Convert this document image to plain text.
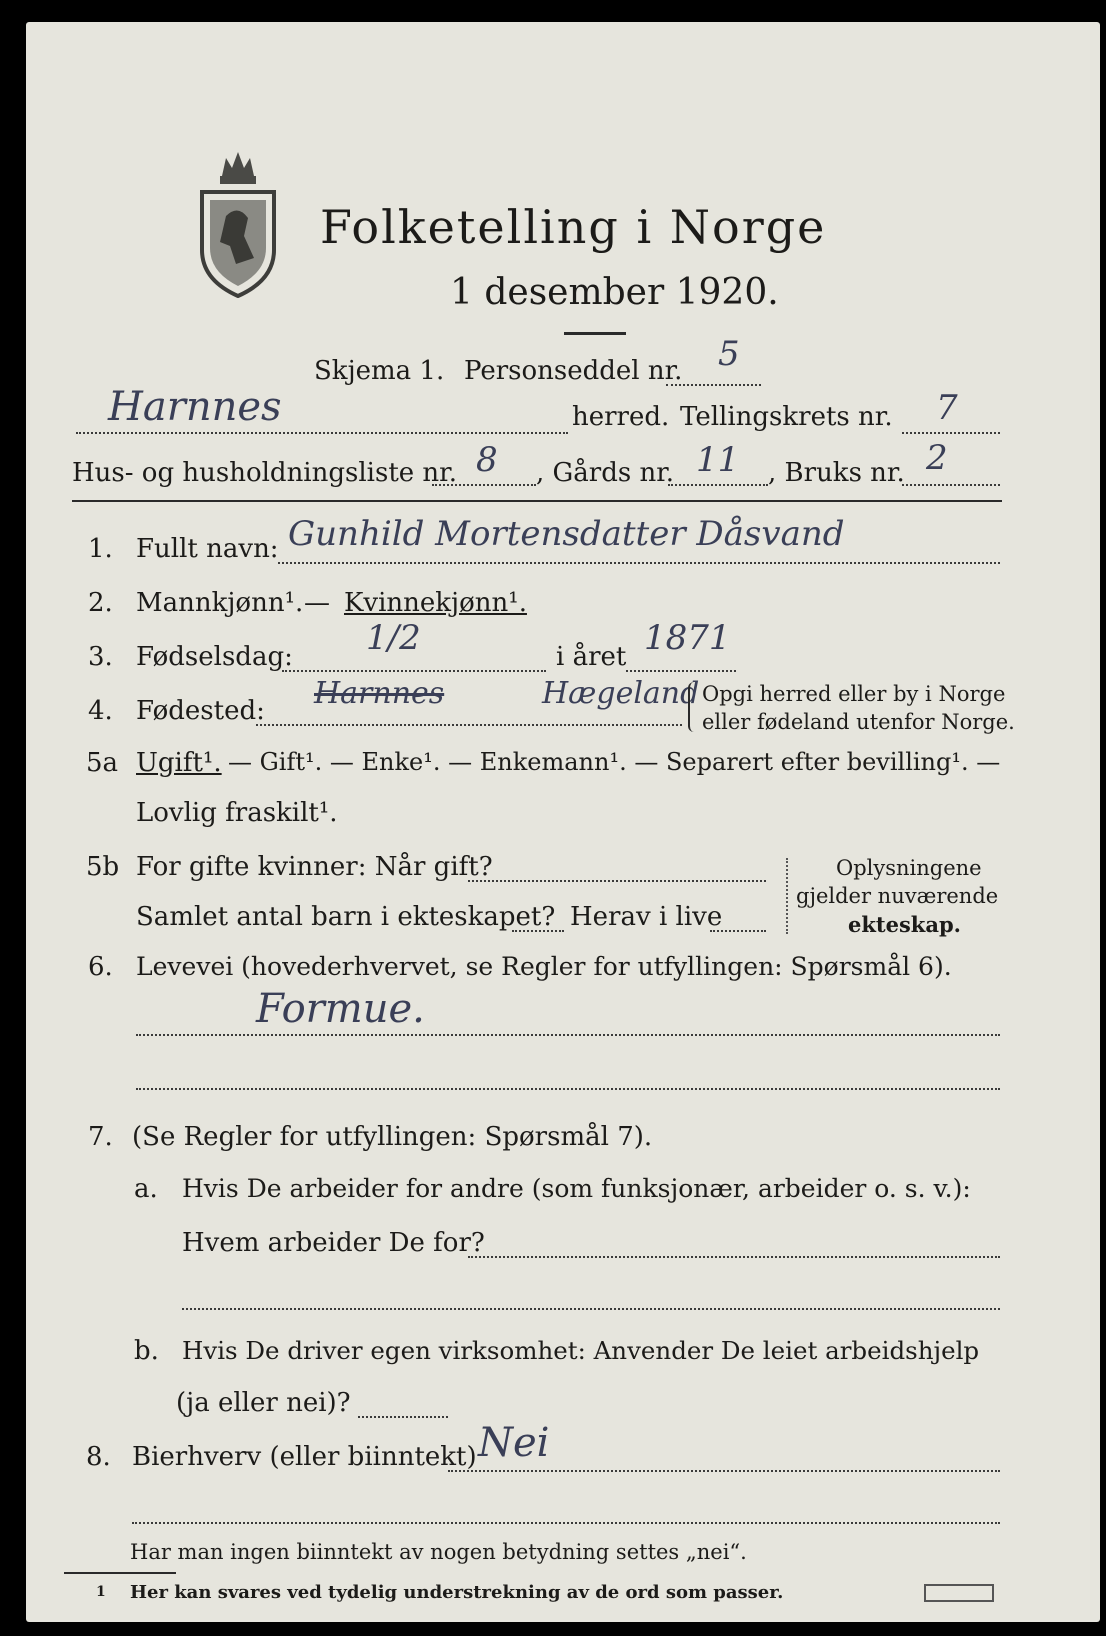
Folketelling i Norge
1 desember 1920.
Skjema 1. Personseddel nr. 5
Harnnes	herred. Tellingskrets nr. 7
Hus- og husholdningsliste nr. 8 , Gårds nr. 11 , Bruks nr. 2
1. Fullt navn: Gunhild Mortensdatter Dåsvand
2. Mannkjønn¹. — Kvinnekjønn¹.
3. Fødselsdag: 1/2	i året 1871
4. Fødested: Harnnes	Hægeland Opgi herred eller by i Norge
eller fødeland utenfor Norge.
5a Ugift¹. — Gift¹. — Enke¹. — Enkemann¹. — Separert efter bevilling¹. —
Lovlig fraskilt¹.
5b For gifte kvinner: Når gift?
Samlet antal barn i ekteskapet? Herav i live
Oplysningene
gjelder nuværende
ekteskap.
6. Levevei (hovederhvervet, se Regler for utfyllingen: Spørsmål 6).
Formue.
7. (Se Regler for utfyllingen: Spørsmål 7).
a. Hvis De arbeider for andre (som funksjonær, arbeider o. s. v.):
Hvem arbeider De for?
b. Hvis De driver egen virksomhet: Anvender De leiet arbeidshjelp
(ja eller nei)?
8. Bierhverv (eller biinntekt) Nei
Har man ingen biinntekt av nogen betydning settes „nei“.
1 Her kan svares ved tydelig understrekning av de ord som passer.
